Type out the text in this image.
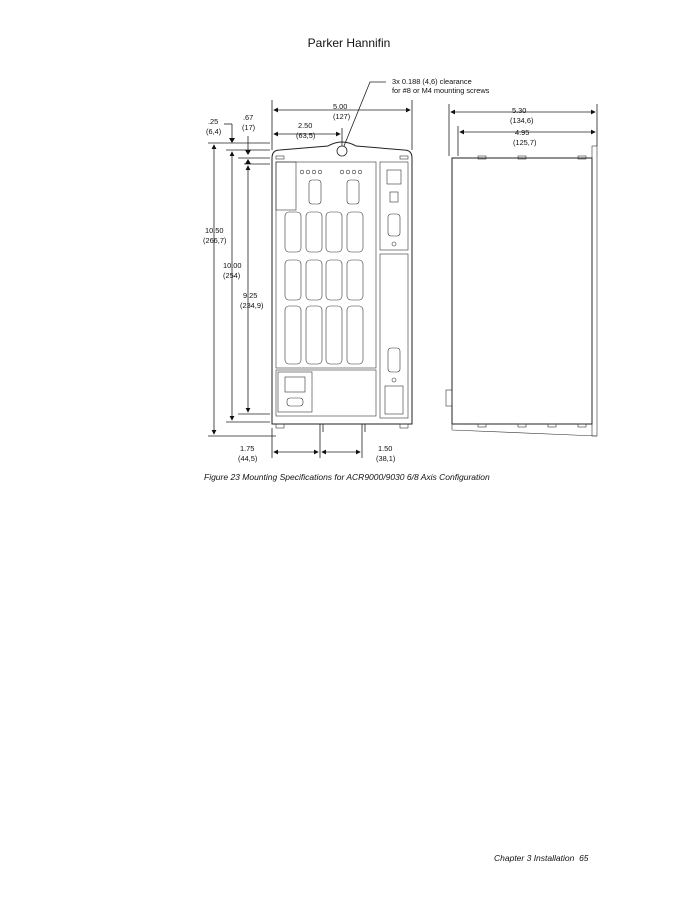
Parker Hannifin
3x 0.188 (4,6) clearance
for #8 or M4 mounting screws
5.00
(127)
2.50
(63,5)
.25
(6,4)
.67
(17)
10.50
(266,7)
10.00
(254)
9.25
(234,9)
1.75
(44,5)
1.50
(38,1)
5.30
(134,6)
4.95
(125,7)
Figure 23 Mounting Specifications for ACR9000/9030 6/8 Axis Configuration
Chapter 3 Installation 65
